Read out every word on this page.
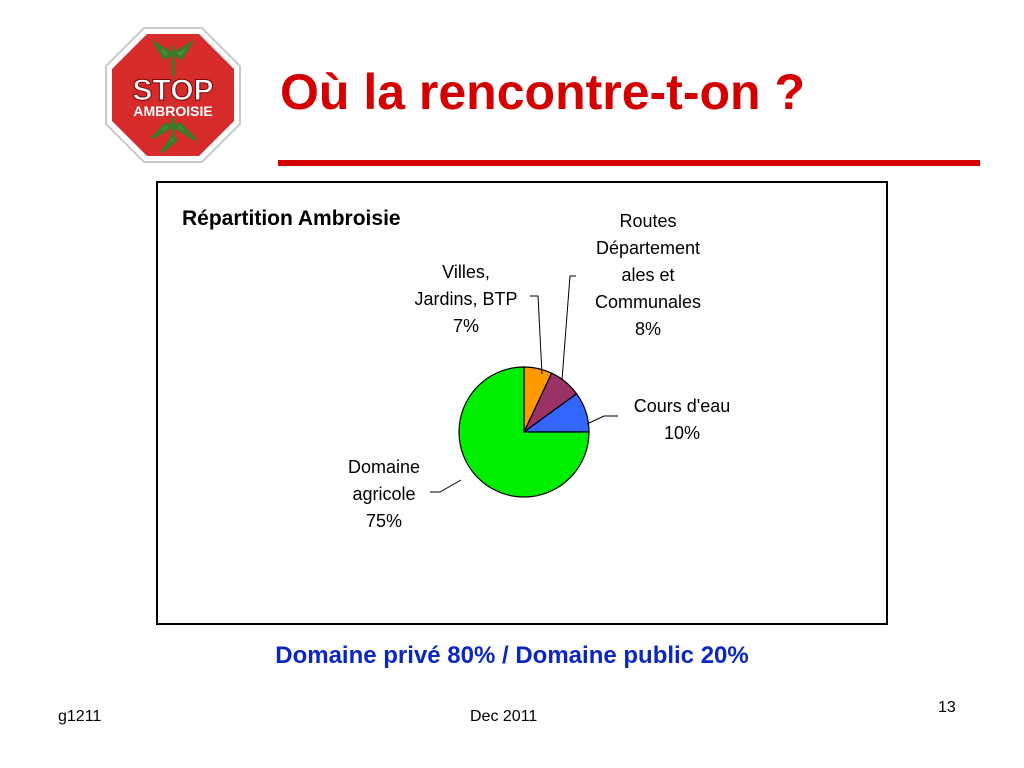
STOP
AMBROISIE Où la rencontre-t-on ?
Répartition Ambroisie
Villes, Jardins, BTP 7%
Routes Département ales et Communales 8%
Cours d'eau 10%
Domaine agricole 75%
Domaine privé 80% / Domaine public 20%
g1211	Dec 2011
13
